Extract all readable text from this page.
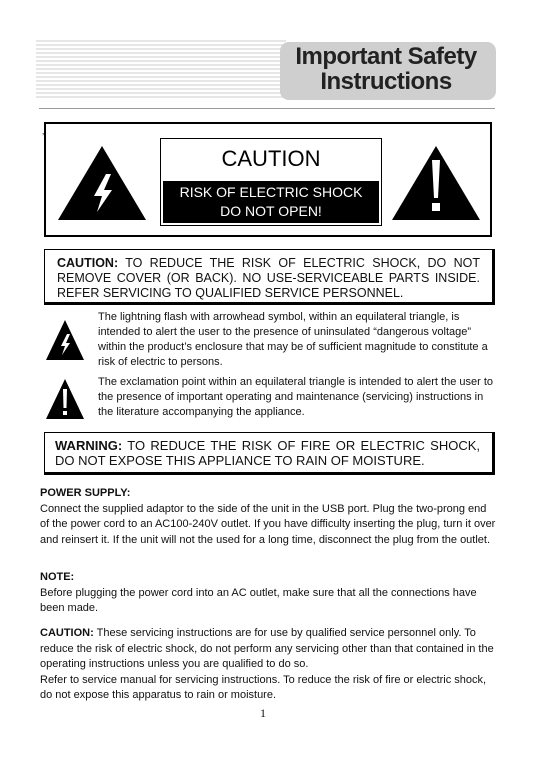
Important Safety
Instructions
’
CAUTION
RISK OF ELECTRIC SHOCK
DO NOT OPEN!
CAUTION: TO REDUCE THE RISK OF ELECTRIC SHOCK, DO NOT REMOVE COVER (OR BACK). NO USE-SERVICEABLE PARTS INSIDE. REFER SERVICING TO QUALIFIED SERVICE PERSONNEL.
The lightning flash with arrowhead symbol, within an equilateral triangle, is intended to alert the user to the presence of uninsulated “dangerous voltage” within the product’s enclosure that may be of sufficient magnitude to constitute a risk of electric to persons.
The exclamation point within an equilateral triangle is intended to alert the user to the presence of important operating and maintenance (servicing) instructions in the literature accompanying the appliance.
WARNING: TO REDUCE THE RISK OF FIRE OR ELECTRIC SHOCK, DO NOT EXPOSE THIS APPLIANCE TO RAIN OF MOISTURE.
POWER SUPPLY:
Connect the supplied adaptor to the side of the unit in the USB port. Plug the two-prong end of the power cord to an AC100-240V outlet. If you have difficulty inserting the plug, turn it over and reinsert it. If the unit will not the used for a long time, disconnect the plug from the outlet.
NOTE:
Before plugging the power cord into an AC outlet, make sure that all the connections have been made.
CAUTION: These servicing instructions are for use by qualified service personnel only. To reduce the risk of electric shock, do not perform any servicing other than that contained in the operating instructions unless you are qualified to do so.
Refer to service manual for servicing instructions. To reduce the risk of fire or electric shock, do not expose this apparatus to rain or moisture.
1
